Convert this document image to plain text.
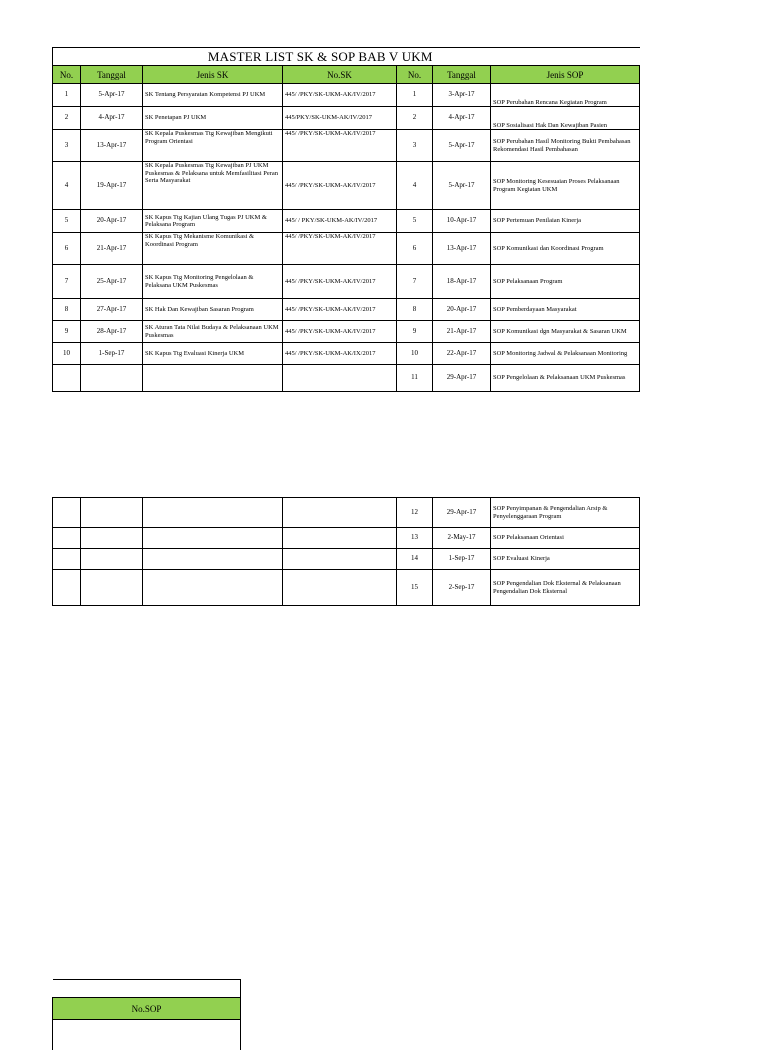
MASTER LIST SK & SOP BAB V UKM						
No.	Tanggal	Jenis SK	No.SK	No.	Tanggal	Jenis SOP
1	5-Apr-17	SK Tentang Persyaratan Kompetensi PJ UKM	445/ /PKY/SK-UKM-AK/IV/2017	1	3-Apr-17	SOP Perubahan Rencana Kegiatan Program
2	4-Apr-17	SK Penetapan PJ UKM	445/PKY/SK-UKM-AK/IV/2017	2	4-Apr-17	SOP Sosialisasi Hak Dan Kewajiban Pasien
3	13-Apr-17	SK Kepala Puskesmas Ttg Kewajiban Mengikuti Program Orientasi	445/ /PKY/SK-UKM-AK/IV/2017	3	5-Apr-17	SOP Perubahan Hasil Monitoring Bukti Pembahasan Rekomendasi Hasil Pembahasan
4	19-Apr-17	SK Kepala Puskesmas Ttg Kewajiban PJ UKM Puskesmas & Pelaksana untuk Memfasilitasi Peran Serta Masyarakat	445/ /PKY/SK-UKM-AK/IV/2017	4	5-Apr-17	SOP Monitoring Kesesuaian Proses Pelaksanaan Program Kegiatan UKM
5	20-Apr-17	SK Kapus Ttg Kajian Ulang Tugas PJ UKM & Pelaksana Program	445/ / PKY/SK-UKM-AK/IV/2017	5	10-Apr-17	SOP Pertemuan Penilaian Kinerja
6	21-Apr-17	SK Kapus Ttg Mekanisme Komunikasi & Koordinasi Program	445/ /PKY/SK-UKM-AK/IV/2017	6	13-Apr-17	SOP Komunikasi dan Koordinasi Program
7	25-Apr-17	SK Kapus Ttg Monitoring Pengelolaan & Pelaksana UKM Puskesmas	445/ /PKY/SK-UKM-AK/IV/2017	7	18-Apr-17	SOP Pelaksanaan Program
8	27-Apr-17	SK Hak Dan Kewajiban Sasaran Program	445/ /PKY/SK-UKM-AK/IV/2017	8	20-Apr-17	SOP Pemberdayaan Masyarakat
9	28-Apr-17	SK Aturan Tata Nilai Budaya & Pelaksanaan UKM Puskesmas	445/ /PKY/SK-UKM-AK/IV/2017	9	21-Apr-17	SOP Komunikasi dgn Masyarakat & Sasaran UKM
10	1-Sep-17	SK Kapus Ttg Evaluasi Kinerja UKM	445/ /PKY/SK-UKM-AK/IX/2017	10	22-Apr-17	SOP Monitoring Jadwal & Pelaksanaan Monitoring
				11	29-Apr-17	SOP Pengelolaan & Pelaksanaan UKM Puskesmas
				12	29-Apr-17	SOP Penyimpanan & Pengendalian Arsip & Penyelenggaraan Program
				13	2-May-17	SOP Pelaksanaan Orientasi
				14	1-Sep-17	SOP Evaluasi Kinerja
				15	2-Sep-17	SOP Pengendalian Dok Eksternal & Pelaksanaan Pengendalian Dok Eksternal

No.SOP
